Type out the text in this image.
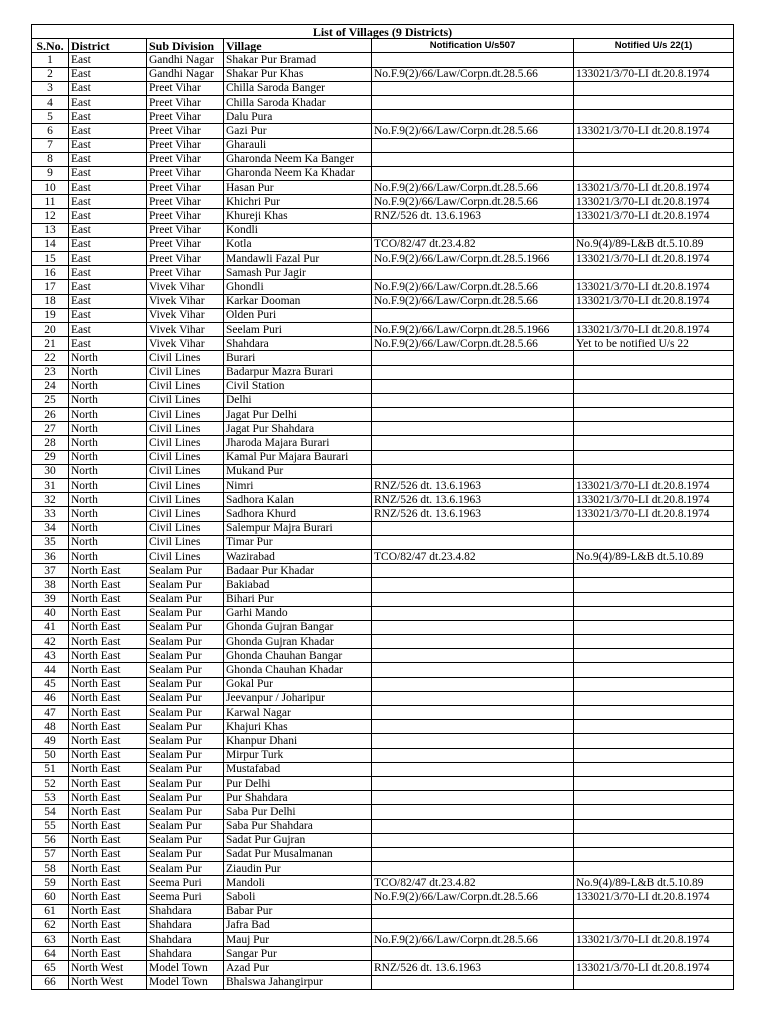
List of Villages (9 Districts)					
S.No.	District	Sub Division	Village	Notification U/s507	Notified U/s 22(1)
1	East	Gandhi Nagar	Shakar Pur Bramad		
2	East	Gandhi Nagar	Shakar Pur Khas	No.F.9(2)/66/Law/Corpn.dt.28.5.66	133021/3/70-LI dt.20.8.1974
3	East	Preet Vihar	Chilla Saroda Banger		
4	East	Preet Vihar	Chilla Saroda Khadar		
5	East	Preet Vihar	Dalu Pura		
6	East	Preet Vihar	Gazi Pur	No.F.9(2)/66/Law/Corpn.dt.28.5.66	133021/3/70-LI dt.20.8.1974
7	East	Preet Vihar	Gharauli		
8	East	Preet Vihar	Gharonda Neem Ka Banger		
9	East	Preet Vihar	Gharonda Neem Ka Khadar		
10	East	Preet Vihar	Hasan Pur	No.F.9(2)/66/Law/Corpn.dt.28.5.66	133021/3/70-LI dt.20.8.1974
11	East	Preet Vihar	Khichri Pur	No.F.9(2)/66/Law/Corpn.dt.28.5.66	133021/3/70-LI dt.20.8.1974
12	East	Preet Vihar	Khureji Khas	RNZ/526 dt. 13.6.1963	133021/3/70-LI dt.20.8.1974
13	East	Preet Vihar	Kondli		
14	East	Preet Vihar	Kotla	TCO/82/47 dt.23.4.82	No.9(4)/89-L&B dt.5.10.89
15	East	Preet Vihar	Mandawli Fazal Pur	No.F.9(2)/66/Law/Corpn.dt.28.5.1966	133021/3/70-LI dt.20.8.1974
16	East	Preet Vihar	Samash Pur Jagir		
17	East	Vivek Vihar	Ghondli	No.F.9(2)/66/Law/Corpn.dt.28.5.66	133021/3/70-LI dt.20.8.1974
18	East	Vivek Vihar	Karkar Dooman	No.F.9(2)/66/Law/Corpn.dt.28.5.66	133021/3/70-LI dt.20.8.1974
19	East	Vivek Vihar	Olden Puri		
20	East	Vivek Vihar	Seelam Puri	No.F.9(2)/66/Law/Corpn.dt.28.5.1966	133021/3/70-LI dt.20.8.1974
21	East	Vivek Vihar	Shahdara	No.F.9(2)/66/Law/Corpn.dt.28.5.66	Yet to be notified U/s 22
22	North	Civil Lines	Burari		
23	North	Civil Lines	Badarpur Mazra Burari		
24	North	Civil Lines	Civil Station		
25	North	Civil Lines	Delhi		
26	North	Civil Lines	Jagat Pur Delhi		
27	North	Civil Lines	Jagat Pur Shahdara		
28	North	Civil Lines	Jharoda Majara Burari		
29	North	Civil Lines	Kamal Pur Majara Baurari		
30	North	Civil Lines	Mukand Pur		
31	North	Civil Lines	Nimri	RNZ/526 dt. 13.6.1963	133021/3/70-LI dt.20.8.1974
32	North	Civil Lines	Sadhora Kalan	RNZ/526 dt. 13.6.1963	133021/3/70-LI dt.20.8.1974
33	North	Civil Lines	Sadhora Khurd	RNZ/526 dt. 13.6.1963	133021/3/70-LI dt.20.8.1974
34	North	Civil Lines	Salempur Majra Burari		
35	North	Civil Lines	Timar Pur		
36	North	Civil Lines	Wazirabad	TCO/82/47 dt.23.4.82	No.9(4)/89-L&B dt.5.10.89
37	North East	Sealam Pur	Badaar Pur Khadar		
38	North East	Sealam Pur	Bakiabad		
39	North East	Sealam Pur	Bihari Pur		
40	North East	Sealam Pur	Garhi Mando		
41	North East	Sealam Pur	Ghonda Gujran Bangar		
42	North East	Sealam Pur	Ghonda Gujran Khadar		
43	North East	Sealam Pur	Ghonda Chauhan Bangar		
44	North East	Sealam Pur	Ghonda Chauhan Khadar		
45	North East	Sealam Pur	Gokal Pur		
46	North East	Sealam Pur	Jeevanpur / Joharipur		
47	North East	Sealam Pur	Karwal Nagar		
48	North East	Sealam Pur	Khajuri Khas		
49	North East	Sealam Pur	Khanpur Dhani		
50	North East	Sealam Pur	Mirpur Turk		
51	North East	Sealam Pur	Mustafabad		
52	North East	Sealam Pur	Pur Delhi		
53	North East	Sealam Pur	Pur Shahdara		
54	North East	Sealam Pur	Saba Pur Delhi		
55	North East	Sealam Pur	Saba Pur Shahdara		
56	North East	Sealam Pur	Sadat Pur Gujran		
57	North East	Sealam Pur	Sadat Pur Musalmanan		
58	North East	Sealam Pur	Ziaudin Pur		
59	North East	Seema Puri	Mandoli	TCO/82/47 dt.23.4.82	No.9(4)/89-L&B dt.5.10.89
60	North East	Seema Puri	Saboli	No.F.9(2)/66/Law/Corpn.dt.28.5.66	133021/3/70-LI dt.20.8.1974
61	North East	Shahdara	Babar Pur		
62	North East	Shahdara	Jafra Bad		
63	North East	Shahdara	Mauj Pur	No.F.9(2)/66/Law/Corpn.dt.28.5.66	133021/3/70-LI dt.20.8.1974
64	North East	Shahdara	Sangar Pur		
65	North West	Model Town	Azad Pur	RNZ/526 dt. 13.6.1963	133021/3/70-LI dt.20.8.1974
66	North West	Model Town	Bhalswa Jahangirpur		
